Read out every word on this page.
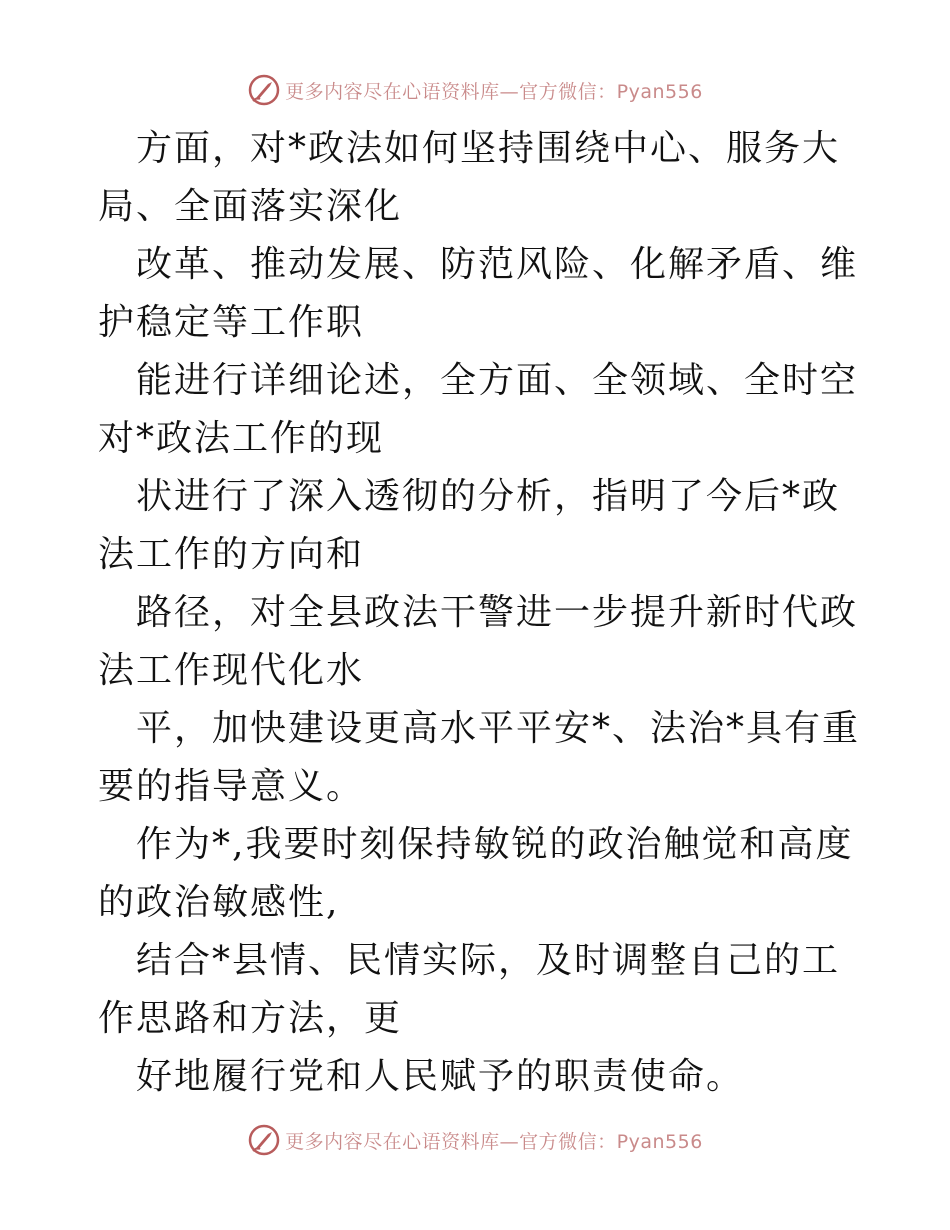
更多内容尽在心语资料库—官方微信：Pyan556

方面，对*政法如何坚持围绕中心、服务大局、全面落实深化

改革、推动发展、防范风险、化解矛盾、维护稳定等工作职

能进行详细论述，全方面、全领域、全时空对*政法工作的现

状进行了深入透彻的分析，指明了今后*政法工作的方向和

路径，对全县政法干警进一步提升新时代政法工作现代化水

平，加快建设更高水平平安*、法治*具有重要的指导意义。

作为*,我要时刻保持敏锐的政治触觉和高度的政治敏感性,

结合*县情、民情实际，及时调整自己的工作思路和方法，更

好地履行党和人民赋予的职责使命。

更多内容尽在心语资料库—官方微信：Pyan556
